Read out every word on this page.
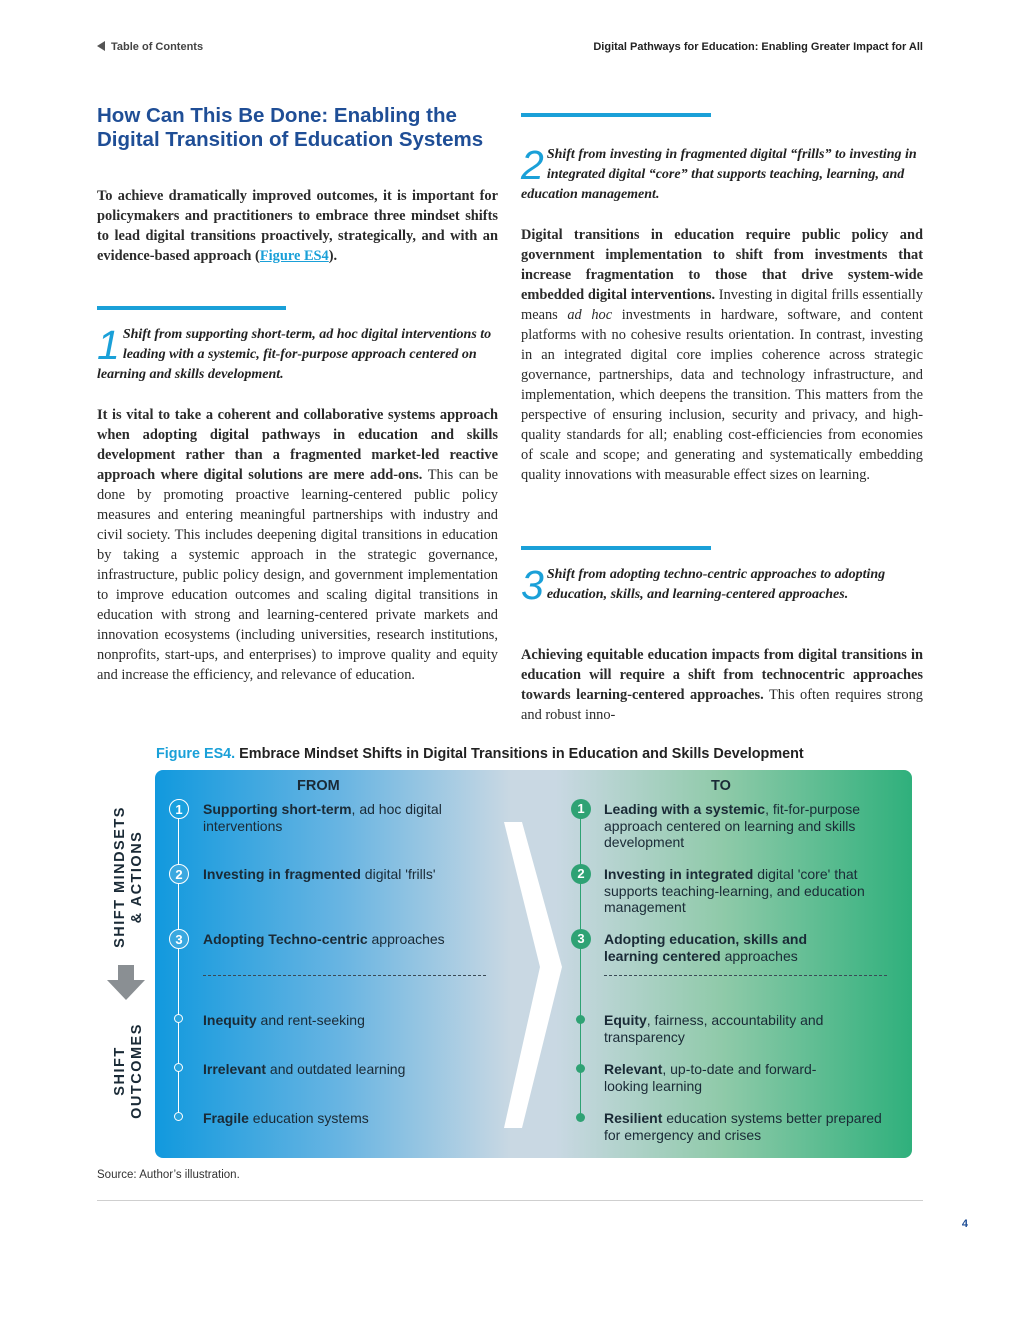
Table of Contents	Digital Pathways for Education: Enabling Greater Impact for All
How Can This Be Done: Enabling the Digital Transition of Education Systems
To achieve dramatically improved outcomes, it is important for policymakers and practitioners to embrace three mindset shifts to lead digital transitions proactively, strategically, and with an evidence-based approach (Figure ES4).
1 Shift from supporting short-term, ad hoc digital interventions to leading with a systemic, fit-for-purpose approach centered on learning and skills development.
It is vital to take a coherent and collaborative systems approach when adopting digital pathways in education and skills development rather than a fragmented market-led reactive approach where digital solutions are mere add-ons. This can be done by promoting proactive learning-centered public policy measures and entering meaningful partnerships with industry and civil society. This includes deepening digital transitions in education by taking a systemic approach in the strategic governance, infrastructure, public policy design, and government implementation to improve education outcomes and scaling digital transitions in education with strong and learning-centered private markets and innovation ecosystems (including universities, research institutions, nonprofits, start-ups, and enterprises) to improve quality and equity and increase the efficiency, and relevance of education.
2 Shift from investing in fragmented digital “frills” to investing in integrated digital “core” that supports teaching, learning, and education management.
Digital transitions in education require public policy and government implementation to shift from investments that increase fragmentation to those that drive system-wide embedded digital interventions. Investing in digital frills essentially means ad hoc investments in hardware, software, and content platforms with no cohesive results orientation. In contrast, investing in an integrated digital core implies coherence across strategic governance, partnerships, data and technology infrastructure, and implementation, which deepens the transition. This matters from the perspective of ensuring inclusion, security and privacy, and high-quality standards for all; enabling cost-efficiencies from economies of scale and scope; and generating and systematically embedding quality innovations with measurable effect sizes on learning.
3 Shift from adopting techno-centric approaches to adopting education, skills, and learning-centered approaches.
Achieving equitable education impacts from digital transitions in education will require a shift from technocentric approaches towards learning-centered approaches. This often requires strong and robust inno-
Figure ES4. Embrace Mindset Shifts in Digital Transitions in Education and Skills Development
SHIFT MINDSETS & ACTIONS
SHIFT OUTCOMES
FROM	TO
1
2
3
Supporting short-term, ad hoc digital interventions
Investing in fragmented digital 'frills'
Adopting Techno-centric approaches
Inequity and rent-seeking
Irrelevant and outdated learning
Fragile education systems
1
2
3
Leading with a systemic, fit-for-purpose approach centered on learning and skills development
Investing in integrated digital 'core' that supports teaching-learning, and education management
Adopting education, skills and learning centered approaches
Equity, fairness, accountability and transparency
Relevant, up-to-date and forward-looking learning
Resilient education systems better prepared for emergency and crises
Source: Author’s illustration.
4
